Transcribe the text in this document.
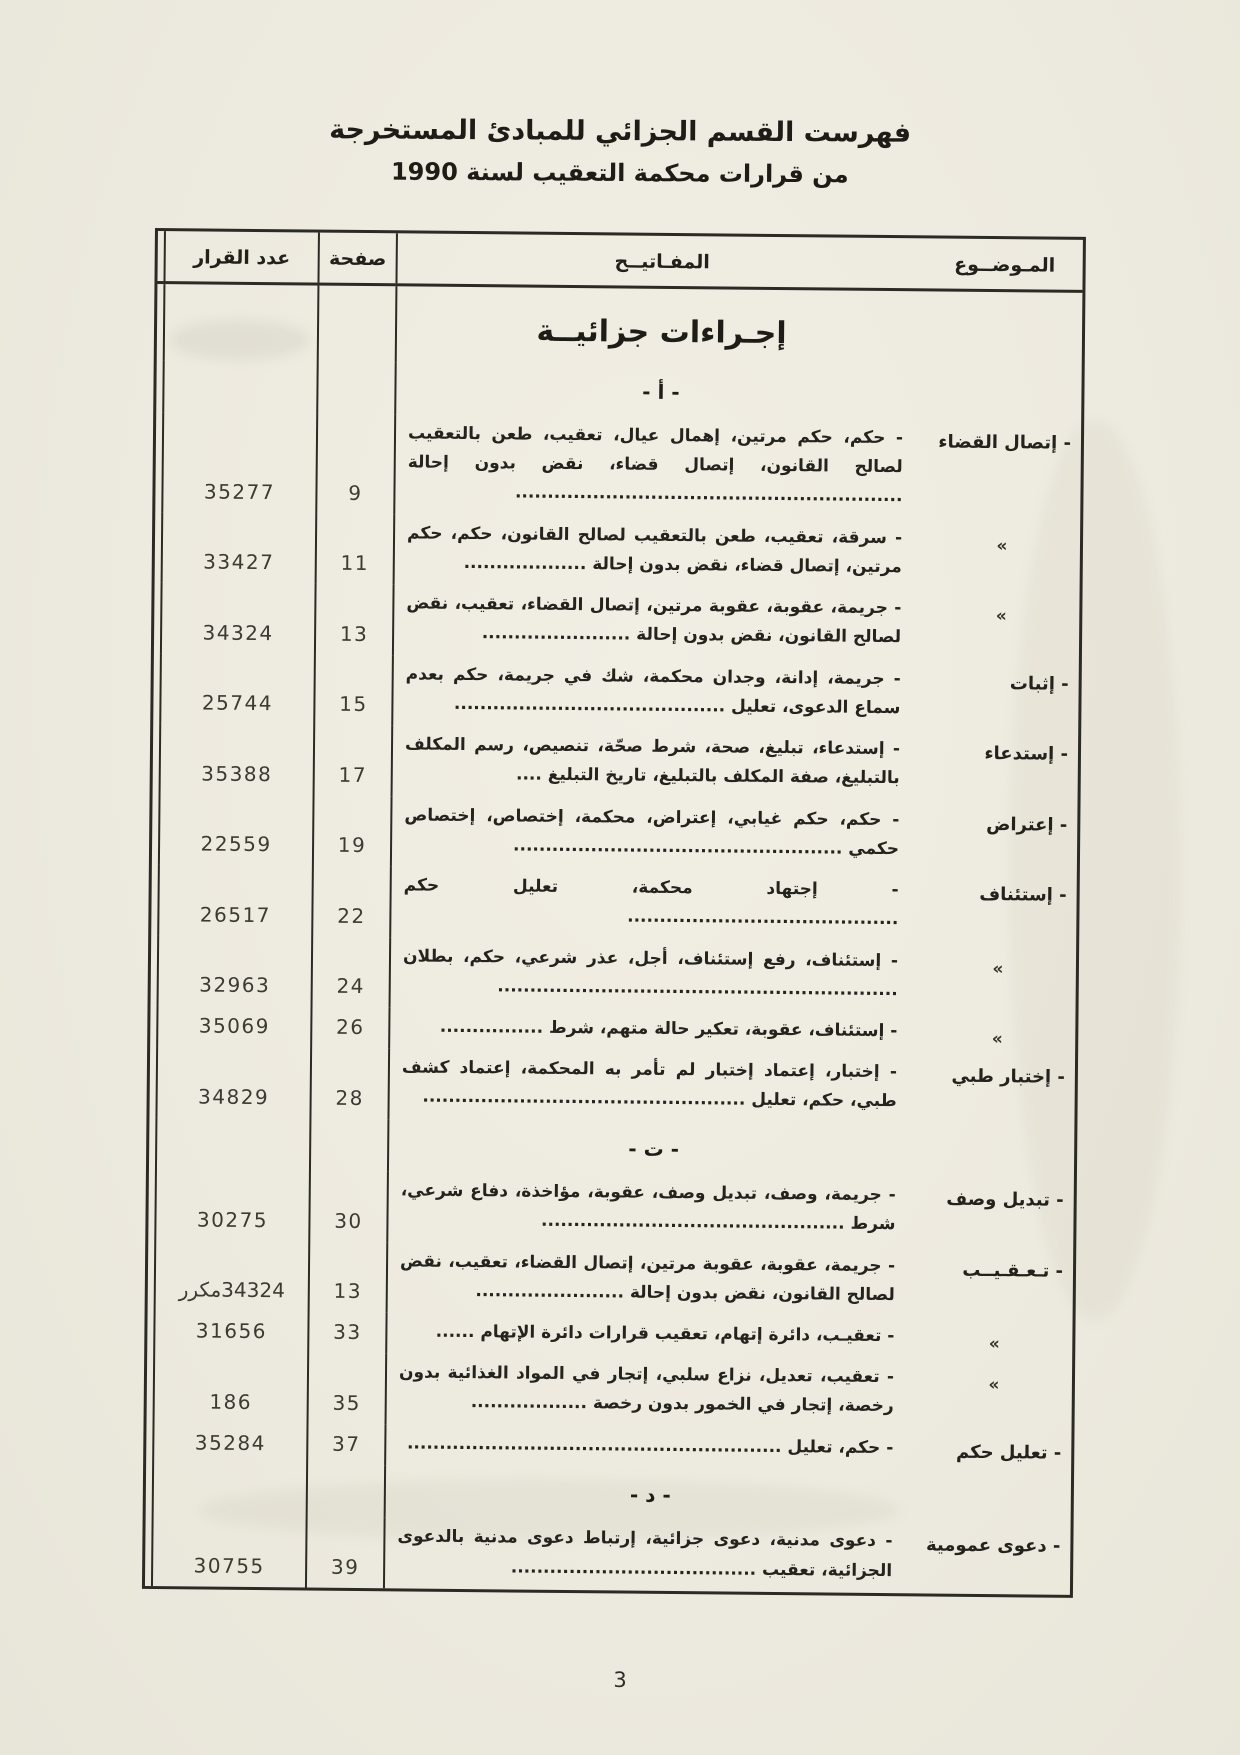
فهرست القسم الجزائي للمبادئ المستخرجة
من قرارات محكمة التعقيب لسنة 1990
المـوضــوع
المفـاتيــح
صفحة
عدد القرار
إجـراءات جزائيــة
- أ -
- إتصال القضاء
- حكم، حكم مرتين، إهمال عيال، تعقيب، طعن بالتعقيب لصالح القانون، إتصال قضاء، نقض بدون إحالة ............................................................
9
35277
»
- سرقة، تعقيب، طعن بالتعقيب لصالح القانون، حكم، حكم مرتين، إتصال قضاء، نقض بدون إحالة ...................
11
33427
»
- جريمة، عقوبة، عقوبة مرتين، إتصال القضاء، تعقيب، نقض لصالح القانون، نقض بدون إحالة .......................
13
34324
- إثبات
- جريمة، إدانة، وجدان محكمة، شك في جريمة، حكم بعدم سماع الدعوى، تعليل ..........................................
15
25744
- إستدعاء
- إستدعاء، تبليغ، صحة، شرط صحّة، تنصيص، رسم المكلف بالتبليغ، صفة المكلف بالتبليغ، تاريخ التبليغ ....
17
35388
- إعتراض
- حكم، حكم غيابي، إعتراض، محكمة، إختصاص، إختصاص حكمي ...................................................
19
22559
- إستئناف
- إجتهاد محكمة، تعليل حكم ..........................................
22
26517
»
- إستئناف، رفع إستئناف، أجل، عذر شرعي، حكم، بطلان ..............................................................
24
32963
»
- إستئناف، عقوبة، تعكير حالة متهم، شرط ................
26
35069
- إختبار طبي
- إختبار، إعتماد إختبار لم تأمر به المحكمة، إعتماد كشف طبي، حكم، تعليل ..................................................
28
34829
- ت -
- تبديل وصف
- جريمة، وصف، تبديل وصف، عقوبة، مؤاخذة، دفاع شرعي، شرط ...............................................
30
30275
- تـعـقـيــب
- جريمة، عقوبة، عقوبة مرتين، إتصال القضاء، تعقيب، نقض لصالح القانون، نقض بدون إحالة .......................
13
34324مكرر
»
- تعقيـب، دائرة إتهام، تعقيب قرارات دائرة الإتهام ......
33
31656
»
- تعقيب، تعديل، نزاع سلبي، إتجار في المواد الغذائية بدون رخصة، إتجار في الخمور بدون رخصة ..................
35
186
- تعليل حكم
- حكم، تعليل ..........................................................
37
35284
- د -
- دعوى عمومية
- دعوى مدنية، دعوى جزائية، إرتباط دعوى مدنية بالدعوى الجزائية، تعقيب ......................................
39
30755
3
